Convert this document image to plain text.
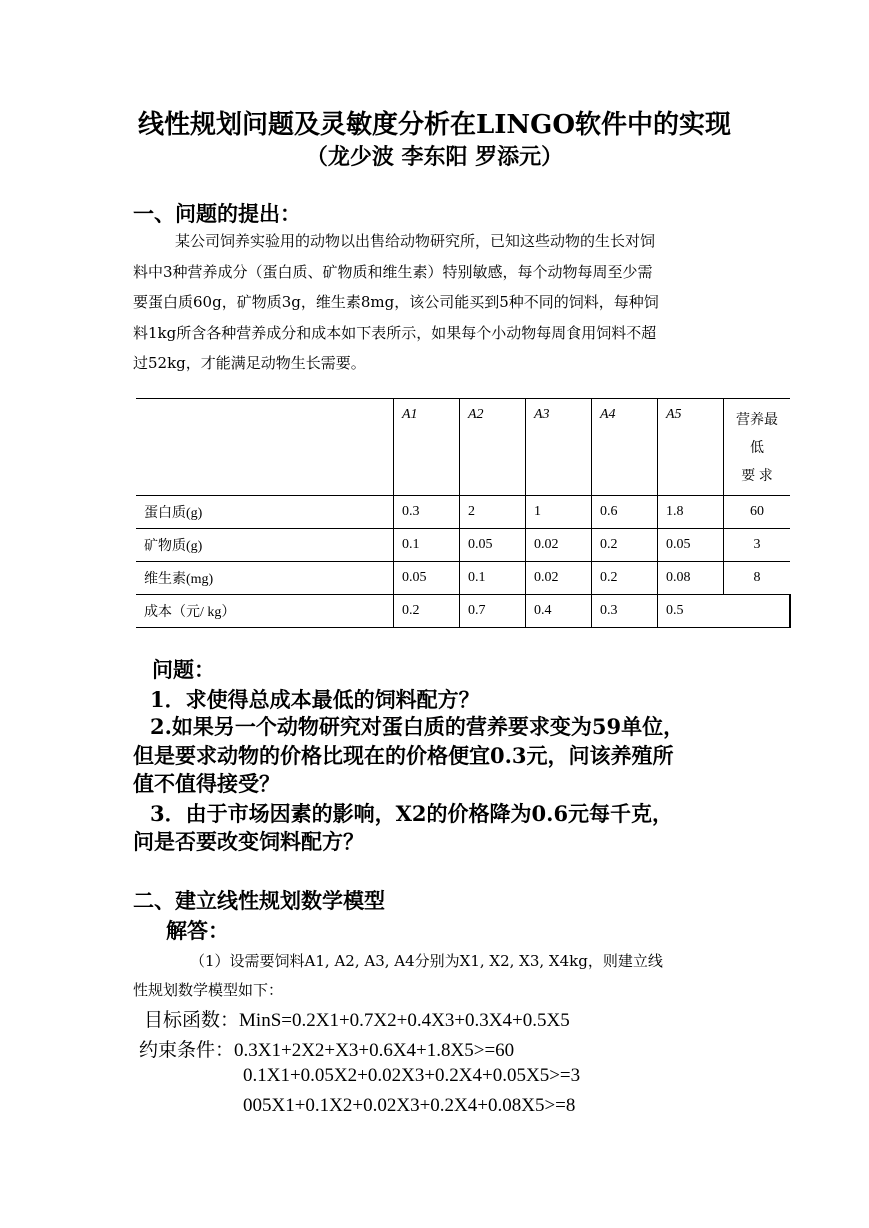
线性规划问题及灵敏度分析在LINGO软件中的实现
（龙少波 李东阳 罗添元）
一、问题的提出：
某公司饲养实验用的动物以出售给动物研究所，已知这些动物的生长对饲
料中3种营养成分（蛋白质、矿物质和维生素）特别敏感，每个动物每周至少需
要蛋白质60g，矿物质3g，维生素8mg，该公司能买到5种不同的饲料，每种饲
料1kg所含各种营养成分和成本如下表所示，如果每个小动物每周食用饲料不超
过52kg，才能满足动物生长需要。
	A1	A2	A3	A4	A5	营养最
低
要 求

蛋白质(g)	0.3	2	1	0.6	1.8	60
矿物质(g)	0.1	0.05	0.02	0.2	0.05	3
维生素(mg)	0.05	0.1	0.02	0.2	0.08	8
成本（元/ kg）	0.2	0.7	0.4	0.3	0.5	
问题：
1．求使得总成本最低的饲料配方？
2.如果另一个动物研究对蛋白质的营养要求变为59单位，
但是要求动物的价格比现在的价格便宜0.3元，问该养殖所
值不值得接受？
3．由于市场因素的影响，X2的价格降为0.6元每千克，
问是否要改变饲料配方？
二、建立线性规划数学模型
解答：
（1）设需要饲料A1, A2, A3, A4分别为X1, X2, X3, X4kg，则建立线
性规划数学模型如下：
目标函数：MinS=0.2X1+0.7X2+0.4X3+0.3X4+0.5X5
约束条件：0.3X1+2X2+X3+0.6X4+1.8X5>=60
0.1X1+0.05X2+0.02X3+0.2X4+0.05X5>=3
005X1+0.1X2+0.02X3+0.2X4+0.08X5>=8
